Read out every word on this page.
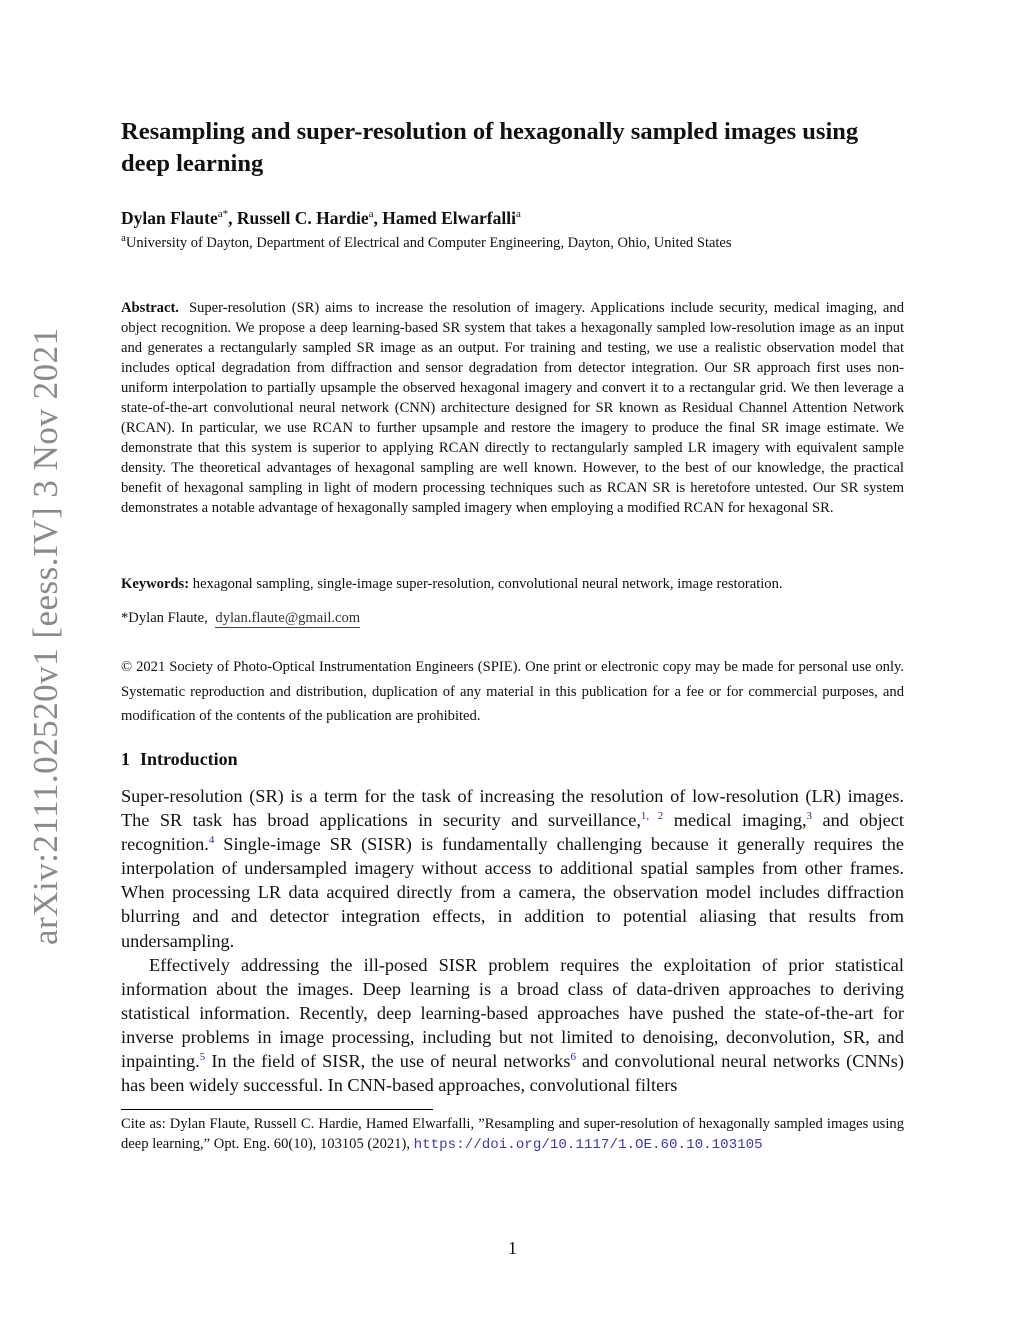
arXiv:2111.02520v1 [eess.IV] 3 Nov 2021
Resampling and super-resolution of hexagonally sampled images using deep learning
Dylan Flaute$^{a*}$, Russell C. Hardie$^a$, Hamed Elwarfalli$^a$
$^a$University of Dayton, Department of Electrical and Computer Engineering, Dayton, Ohio, United States

Abstract. Super-resolution (SR) aims to increase the resolution of imagery. Applications include security, medical imaging, and object recognition. We propose a deep learning-based SR system that takes a hexagonally sampled low-resolution image as an input and generates a rectangularly sampled SR image as an output. For training and testing, we use a realistic observation model that includes optical degradation from diffraction and sensor degradation from detector integration. Our SR approach first uses non-uniform interpolation to partially upsample the observed hexagonal imagery and convert it to a rectangular grid. We then leverage a state-of-the-art convolutional neural network (CNN) architecture designed for SR known as Residual Channel Attention Network (RCAN). In particular, we use RCAN to further upsample and restore the imagery to produce the final SR image estimate. We demonstrate that this system is superior to applying RCAN directly to rectangularly sampled LR imagery with equivalent sample density. The theoretical advantages of hexagonal sampling are well known. However, to the best of our knowledge, the practical benefit of hexagonal sampling in light of modern processing techniques such as RCAN SR is heretofore untested. Our SR system demonstrates a notable advantage of hexagonally sampled imagery when employing a modified RCAN for hexagonal SR.

Keywords: hexagonal sampling, single-image super-resolution, convolutional neural network, image restoration.
*Dylan Flaute, dylan.flaute@gmail.com

© 2021 Society of Photo-Optical Instrumentation Engineers (SPIE). One print or electronic copy may be made for personal use only. Systematic reproduction and distribution, duplication of any material in this publication for a fee or for commercial purposes, and modification of the contents of the publication are prohibited.

1 Introduction

Super-resolution (SR) is a term for the task of increasing the resolution of low-resolution (LR) images. The SR task has broad applications in security and surveillance,$^{1, 2}$ medical imaging,$^3$ and object recognition.$^4$ Single-image SR (SISR) is fundamentally challenging because it generally requires the interpolation of undersampled imagery without access to additional spatial samples from other frames. When processing LR data acquired directly from a camera, the observation model includes diffraction blurring and and detector integration effects, in addition to potential aliasing that results from undersampling.

Effectively addressing the ill-posed SISR problem requires the exploitation of prior statistical information about the images. Deep learning is a broad class of data-driven approaches to deriving statistical information. Recently, deep learning-based approaches have pushed the state-of-the-art for inverse problems in image processing, including but not limited to denoising, deconvolution, SR, and inpainting.$^5$ In the field of SISR, the use of neural networks$^6$ and convolutional neural networks (CNNs) has been widely successful. In CNN-based approaches, convolutional filters

Cite as: Dylan Flaute, Russell C. Hardie, Hamed Elwarfalli, ”Resampling and super-resolution of hexagonally sampled images using deep learning,” Opt. Eng. 60(10), 103105 (2021), https://doi.org/10.1117/1.OE.60.10.103105

1
